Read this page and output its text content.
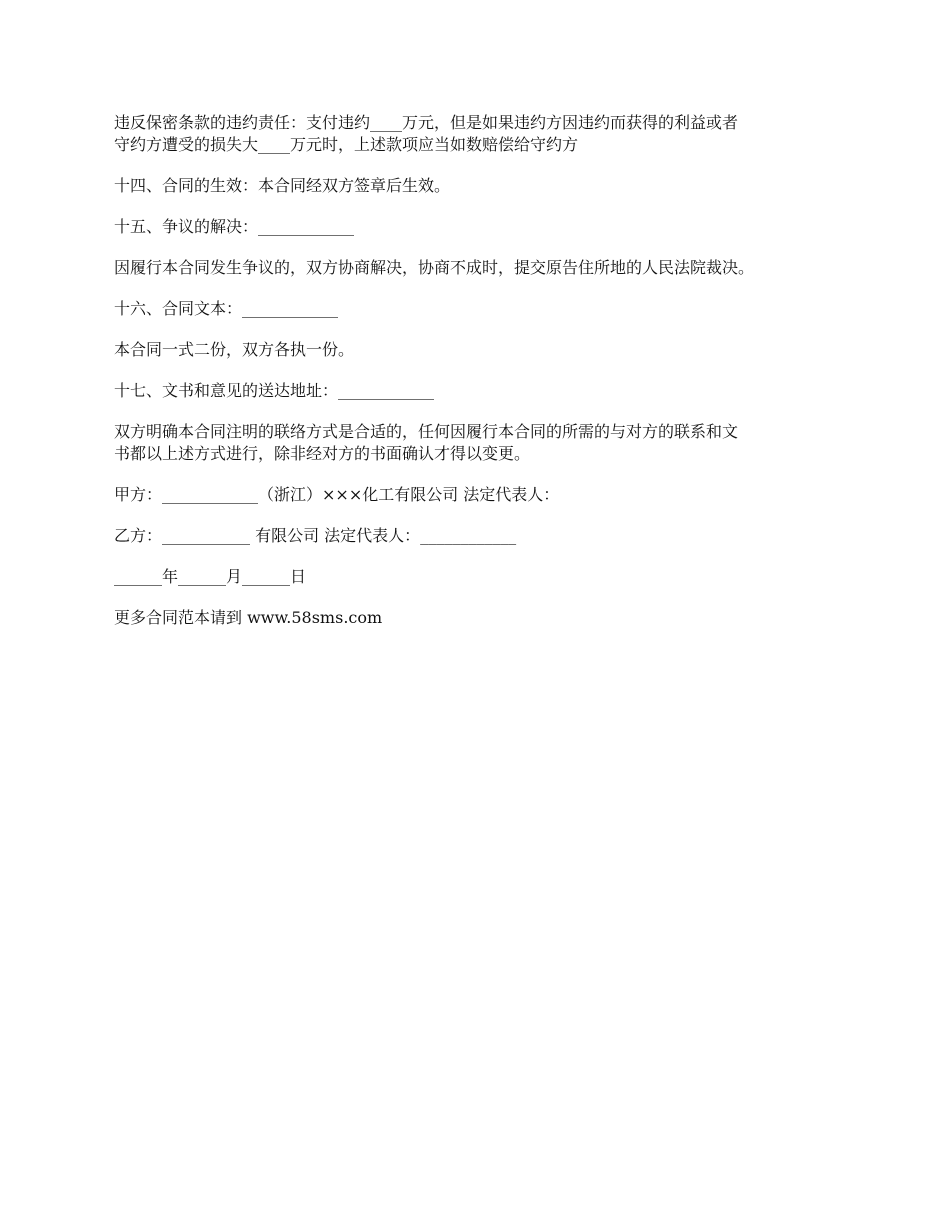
违反保密条款的违约责任：支付违约____万元，但是如果违约方因违约而获得的利益或者
守约方遭受的损失大____万元时，上述款项应当如数赔偿给守约方

十四、合同的生效：本合同经双方签章后生效。

十五、争议的解决：____________

因履行本合同发生争议的，双方协商解决，协商不成时，提交原告住所地的人民法院裁决。

十六、合同文本：____________

本合同一式二份，双方各执一份。

十七、文书和意见的送达地址：____________

双方明确本合同注明的联络方式是合适的，任何因履行本合同的所需的与对方的联系和文
书都以上述方式进行，除非经对方的书面确认才得以变更。

甲方：____________（浙江）×××化工有限公司 法定代表人：

乙方：___________ 有限公司 法定代表人：____________

______年______月______日

更多合同范本请到 www.58sms.com
